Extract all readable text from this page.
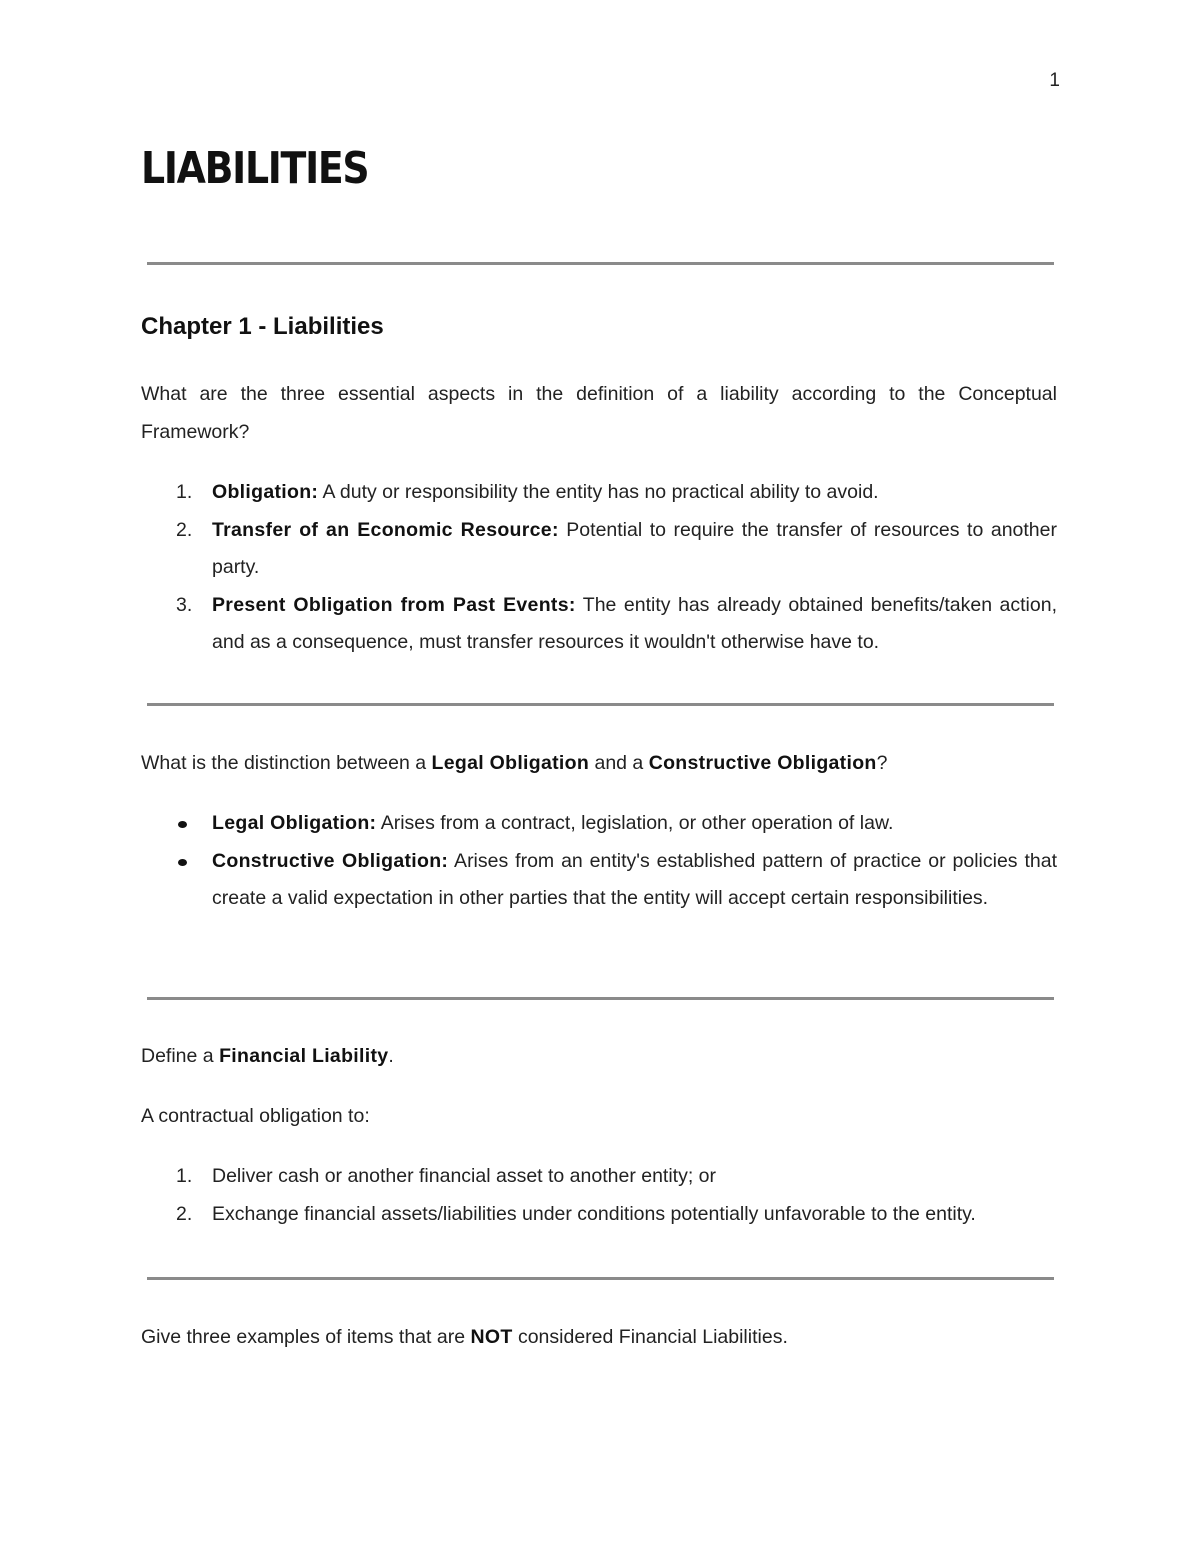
1
LIABILITIES
Chapter 1 - Liabilities

What are the three essential aspects in the definition of a liability according to the Conceptual Framework?

1. Obligation: A duty or responsibility the entity has no practical ability to avoid.
2. Transfer of an Economic Resource: Potential to require the transfer of resources to another party.
3. Present Obligation from Past Events: The entity has already obtained benefits/taken action, and as a consequence, must transfer resources it wouldn't otherwise have to.

What is the distinction between a Legal Obligation and a Constructive Obligation?

Legal Obligation: Arises from a contract, legislation, or other operation of law.
Constructive Obligation: Arises from an entity's established pattern of practice or policies that create a valid expectation in other parties that the entity will accept certain responsibilities.

Define a Financial Liability.

A contractual obligation to:

1. Deliver cash or another financial asset to another entity; or
2. Exchange financial assets/liabilities under conditions potentially unfavorable to the entity.

Give three examples of items that are NOT considered Financial Liabilities.
